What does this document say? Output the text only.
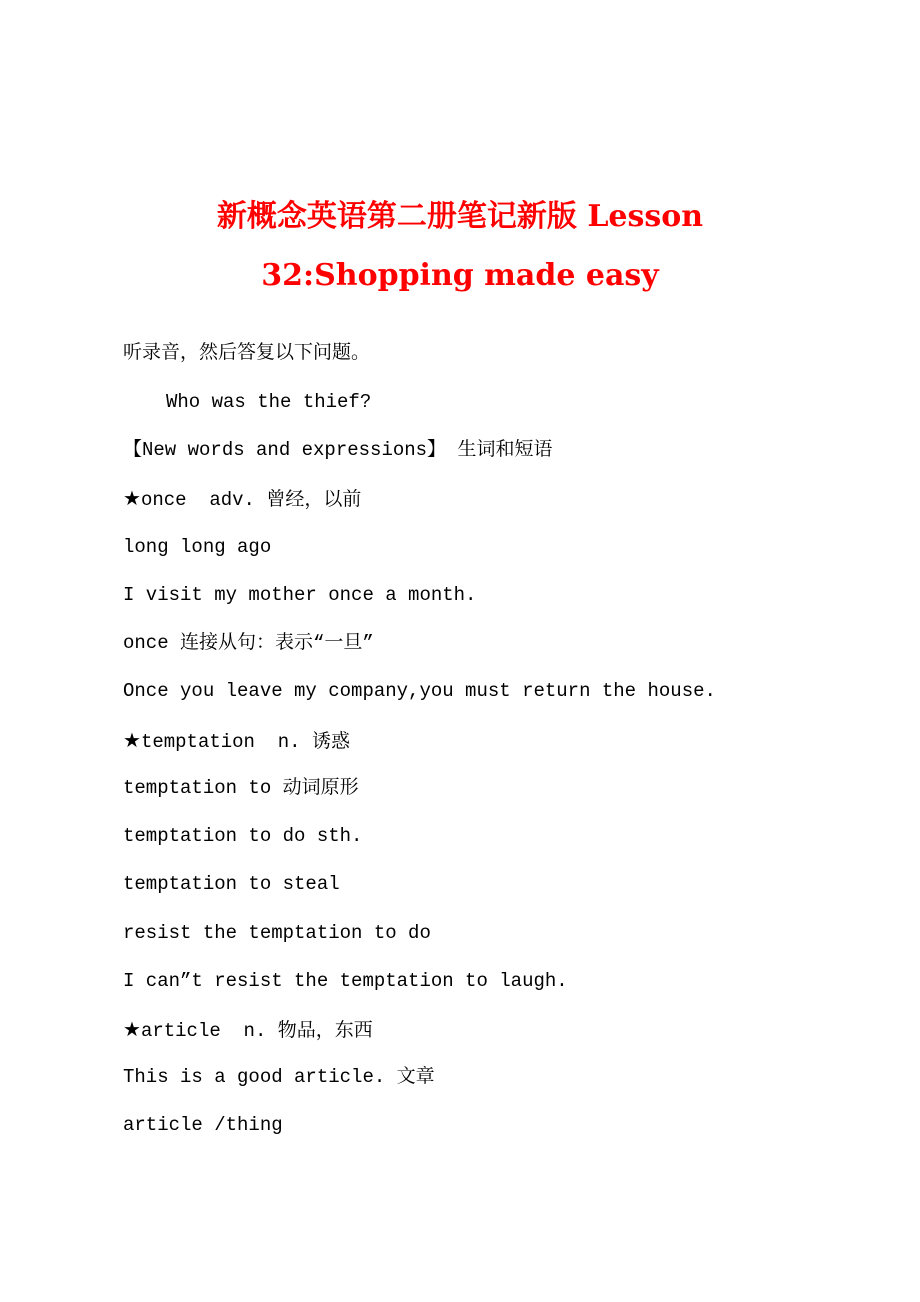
新概念英语第二册笔记新版 Lesson
32:Shopping made easy

听录音，然后答复以下问题。

Who was the thief?

【New words and expressions】 生词和短语

★once  adv. 曾经，以前

long long ago

I visit my mother once a month.

once 连接从句：表示“一旦”

Once you leave my company,you must return the house.

★temptation  n. 诱惑

temptation to 动词原形

temptation to do sth.

temptation to steal

resist the temptation to do

I can”t resist the temptation to laugh.

★article  n. 物品，东西

This is a good article. 文章

article /thing
